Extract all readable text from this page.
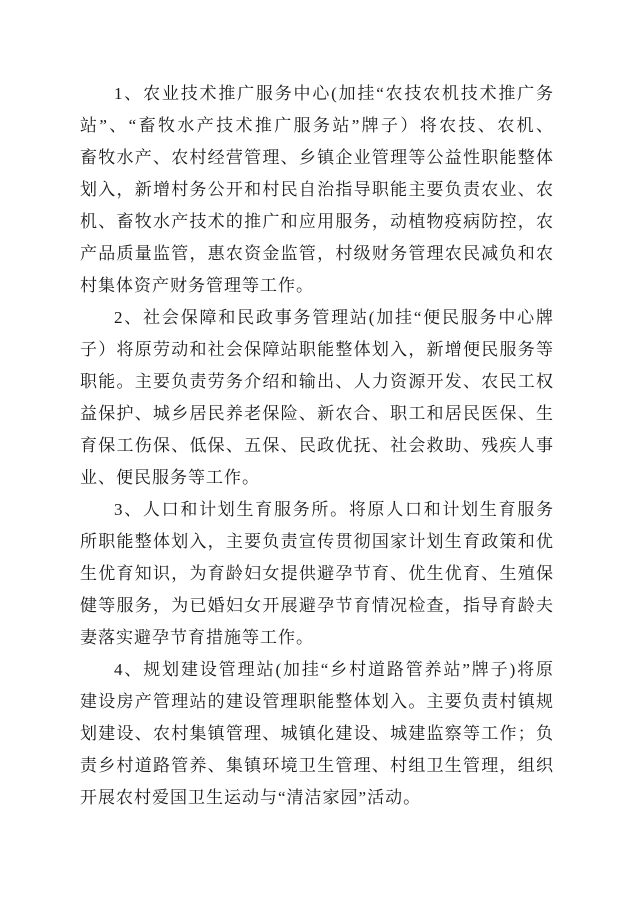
1、农业技术推广服务中心(加挂“农技农机技术推广务
站”、“畜牧水产技术推广服务站”牌子）将农技、农机、
畜牧水产、农村经营管理、乡镇企业管理等公益性职能整体
划入，新增村务公开和村民自治指导职能主要负责农业、农
机、畜牧水产技术的推广和应用服务，动植物疫病防控，农
产品质量监管，惠农资金监管，村级财务管理农民减负和农
村集体资产财务管理等工作。
2、社会保障和民政事务管理站(加挂“便民服务中心牌
子）将原劳动和社会保障站职能整体划入，新增便民服务等
职能。主要负责劳务介绍和输出、人力资源开发、农民工权
益保护、城乡居民养老保险、新农合、职工和居民医保、生
育保工伤保、低保、五保、民政优抚、社会救助、残疾人事
业、便民服务等工作。
3、人口和计划生育服务所。将原人口和计划生育服务
所职能整体划入，主要负责宣传贯彻国家计划生育政策和优
生优育知识，为育龄妇女提供避孕节育、优生优育、生殖保
健等服务，为已婚妇女开展避孕节育情况检查，指导育龄夫
妻落实避孕节育措施等工作。
4、规划建设管理站(加挂“乡村道路管养站”牌子)将原
建设房产管理站的建设管理职能整体划入。主要负责村镇规
划建设、农村集镇管理、城镇化建设、城建监察等工作；负
责乡村道路管养、集镇环境卫生管理、村组卫生管理，组织
开展农村爱国卫生运动与“清洁家园”活动。
